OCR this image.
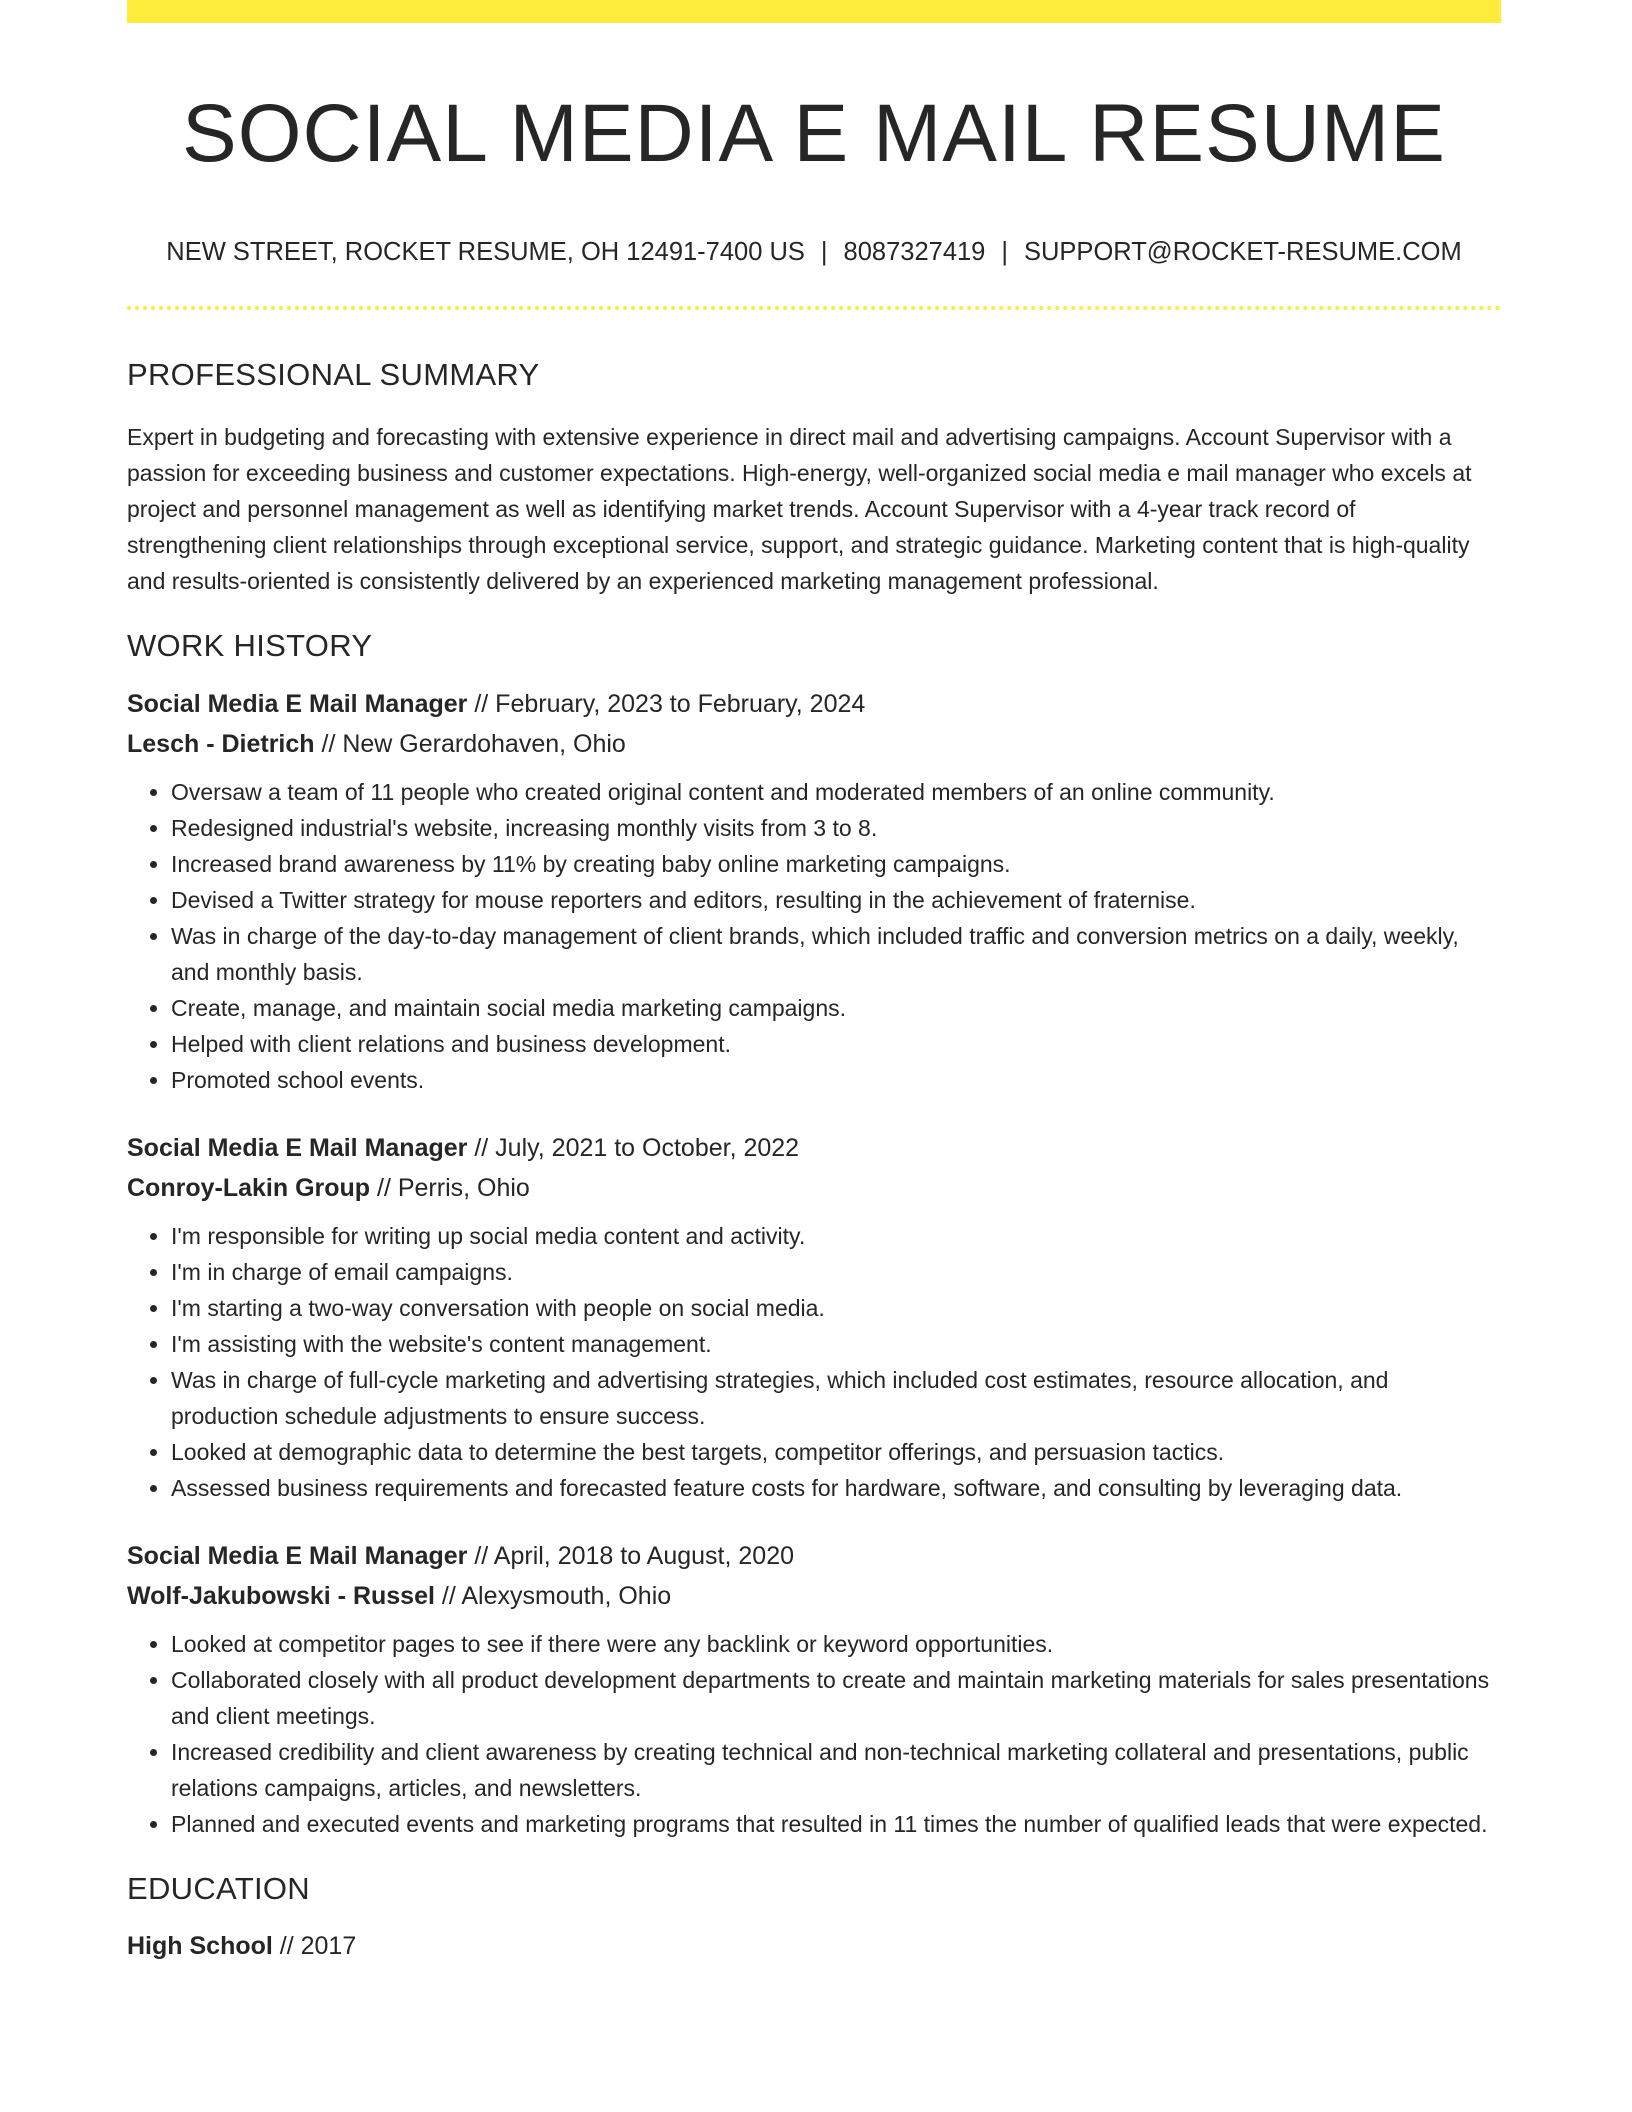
SOCIAL MEDIA E MAIL RESUME
NEW STREET, ROCKET RESUME, OH 12491-7400 US | 8087327419 | SUPPORT@ROCKET-RESUME.COM
PROFESSIONAL SUMMARY

Expert in budgeting and forecasting with extensive experience in direct mail and advertising campaigns. Account Supervisor with a passion for exceeding business and customer expectations. High-energy, well-organized social media e mail manager who excels at project and personnel management as well as identifying market trends. Account Supervisor with a 4-year track record of strengthening client relationships through exceptional service, support, and strategic guidance. Marketing content that is high-quality and results-oriented is consistently delivered by an experienced marketing management professional.

WORK HISTORY
Social Media E Mail Manager // February, 2023 to February, 2024
Lesch - Dietrich // New Gerardohaven, Ohio
• Oversaw a team of 11 people who created original content and moderated members of an online community.
• Redesigned industrial's website, increasing monthly visits from 3 to 8.
• Increased brand awareness by 11% by creating baby online marketing campaigns.
• Devised a Twitter strategy for mouse reporters and editors, resulting in the achievement of fraternise.
• Was in charge of the day-to-day management of client brands, which included traffic and conversion metrics on a daily, weekly, and monthly basis.
• Create, manage, and maintain social media marketing campaigns.
• Helped with client relations and business development.
• Promoted school events.
Social Media E Mail Manager // July, 2021 to October, 2022
Conroy-Lakin Group // Perris, Ohio
• I'm responsible for writing up social media content and activity.
• I'm in charge of email campaigns.
• I'm starting a two-way conversation with people on social media.
• I'm assisting with the website's content management.
• Was in charge of full-cycle marketing and advertising strategies, which included cost estimates, resource allocation, and production schedule adjustments to ensure success.
• Looked at demographic data to determine the best targets, competitor offerings, and persuasion tactics.
• Assessed business requirements and forecasted feature costs for hardware, software, and consulting by leveraging data.
Social Media E Mail Manager // April, 2018 to August, 2020
Wolf-Jakubowski - Russel // Alexysmouth, Ohio
• Looked at competitor pages to see if there were any backlink or keyword opportunities.
• Collaborated closely with all product development departments to create and maintain marketing materials for sales presentations and client meetings.
• Increased credibility and client awareness by creating technical and non-technical marketing collateral and presentations, public relations campaigns, articles, and newsletters.
• Planned and executed events and marketing programs that resulted in 11 times the number of qualified leads that were expected.
EDUCATION
High School // 2017
